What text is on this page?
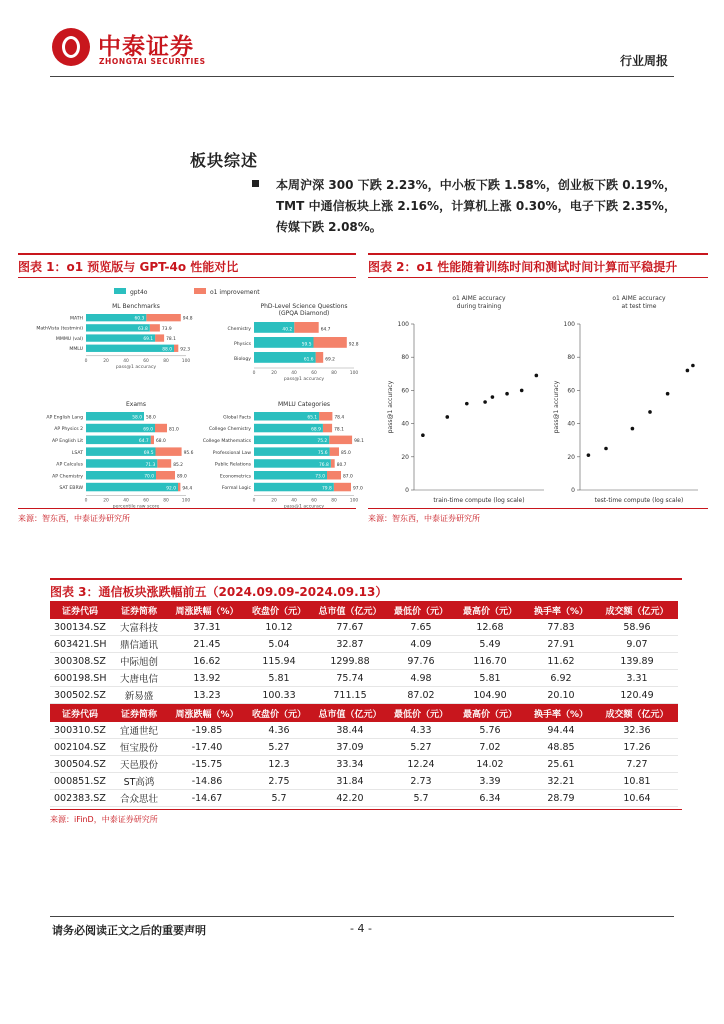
中泰证券
ZHONGTAI SECURITIES	行业周报
板块综述
本周沪深 300 下跌 2.23%，中小板下跌 1.58%，创业板下跌 0.19%，TMT 中通信板块上涨 2.16%，计算机上涨 0.30%，电子下跌 2.35%，传媒下跌 2.08%。
图表 1：o1 预览版与 GPT-4o 性能对比
gpt4o	o1 improvement
ML Benchmarks
MATH	60.3	94.8
MathVista (testmini)	63.8	73.9
MMMU (val)	69.1	78.1
MMLU	88.0 92.3
0	20	40	60	80	100
pass@1 accuracy
PhD-Level Science Questions
(GPQA Diamond)
Chemistry	40.2	64.7
Physics	59.5	92.8
Biology	61.6	69.2
0	20	40	60	80	100
pass@1 accuracy
Exams
AP English Lang	58.0 58.0
AP Physics 2	69.0	81.0
AP English Lit	64.7 68.0
LSAT	69.5	95.6
AP Calculus	71.3	85.2
AP Chemistry	70.0	89.0
SAT EBRW	92.0 94.4
0	20	40	60	80	100
percentile raw score
MMLU Categories
Global Facts	65.1	78.4
College Chemistry	68.9	78.1
College Mathematics	75.2	98.1
Professional Law	75.6	85.0
Public Relations	76.8 80.7
Econometrics	73.0	87.0
Formal Logic	79.8	97.0
0	20	40	60	80	100
pass@1 accuracy
来源：智东西，中泰证券研究所
图表 2：o1 性能随着训练时间和测试时间计算而平稳提升
o1 AIME accuracy
during training
0
20
40
60
80
100
pass@1 accuracy
train-time compute (log scale)
o1 AIME accuracy
at test time
0
20
40
60
80
100
pass@1 accuracy
test-time compute (log scale)
来源：智东西，中泰证券研究所
图表 3：通信板块涨跌幅前五（2024.09.09-2024.09.13）
证券代码	证券简称	周涨跌幅（%）	收盘价（元）	总市值（亿元）	最低价（元）	最高价（元）	换手率（%）	成交额（亿元）
300134.SZ	大富科技	37.31	10.12	77.67	7.65	12.68	77.83	58.96
603421.SH	鼎信通讯	21.45	5.04	32.87	4.09	5.49	27.91	9.07
300308.SZ	中际旭创	16.62	115.94	1299.88	97.76	116.70	11.62	139.89
600198.SH	大唐电信	13.92	5.81	75.74	4.98	5.81	6.92	3.31
300502.SZ	新易盛	13.23	100.33	711.15	87.02	104.90	20.10	120.49
证券代码	证券简称	周涨跌幅（%）	收盘价（元）	总市值（亿元）	最低价（元）	最高价（元）	换手率（%）	成交额（亿元）
300310.SZ	宜通世纪	-19.85	4.36	38.44	4.33	5.76	94.44	32.36
002104.SZ	恒宝股份	-17.40	5.27	37.09	5.27	7.02	48.85	17.26
300504.SZ	天邑股份	-15.75	12.3	33.34	12.24	14.02	25.61	7.27
000851.SZ	ST高鸿	-14.86	2.75	31.84	2.73	3.39	32.21	10.81
002383.SZ	合众思壮	-14.67	5.7	42.20	5.7	6.34	28.79	10.64
来源：iFinD，中泰证券研究所
请务必阅读正文之后的重要声明	- 4 -
